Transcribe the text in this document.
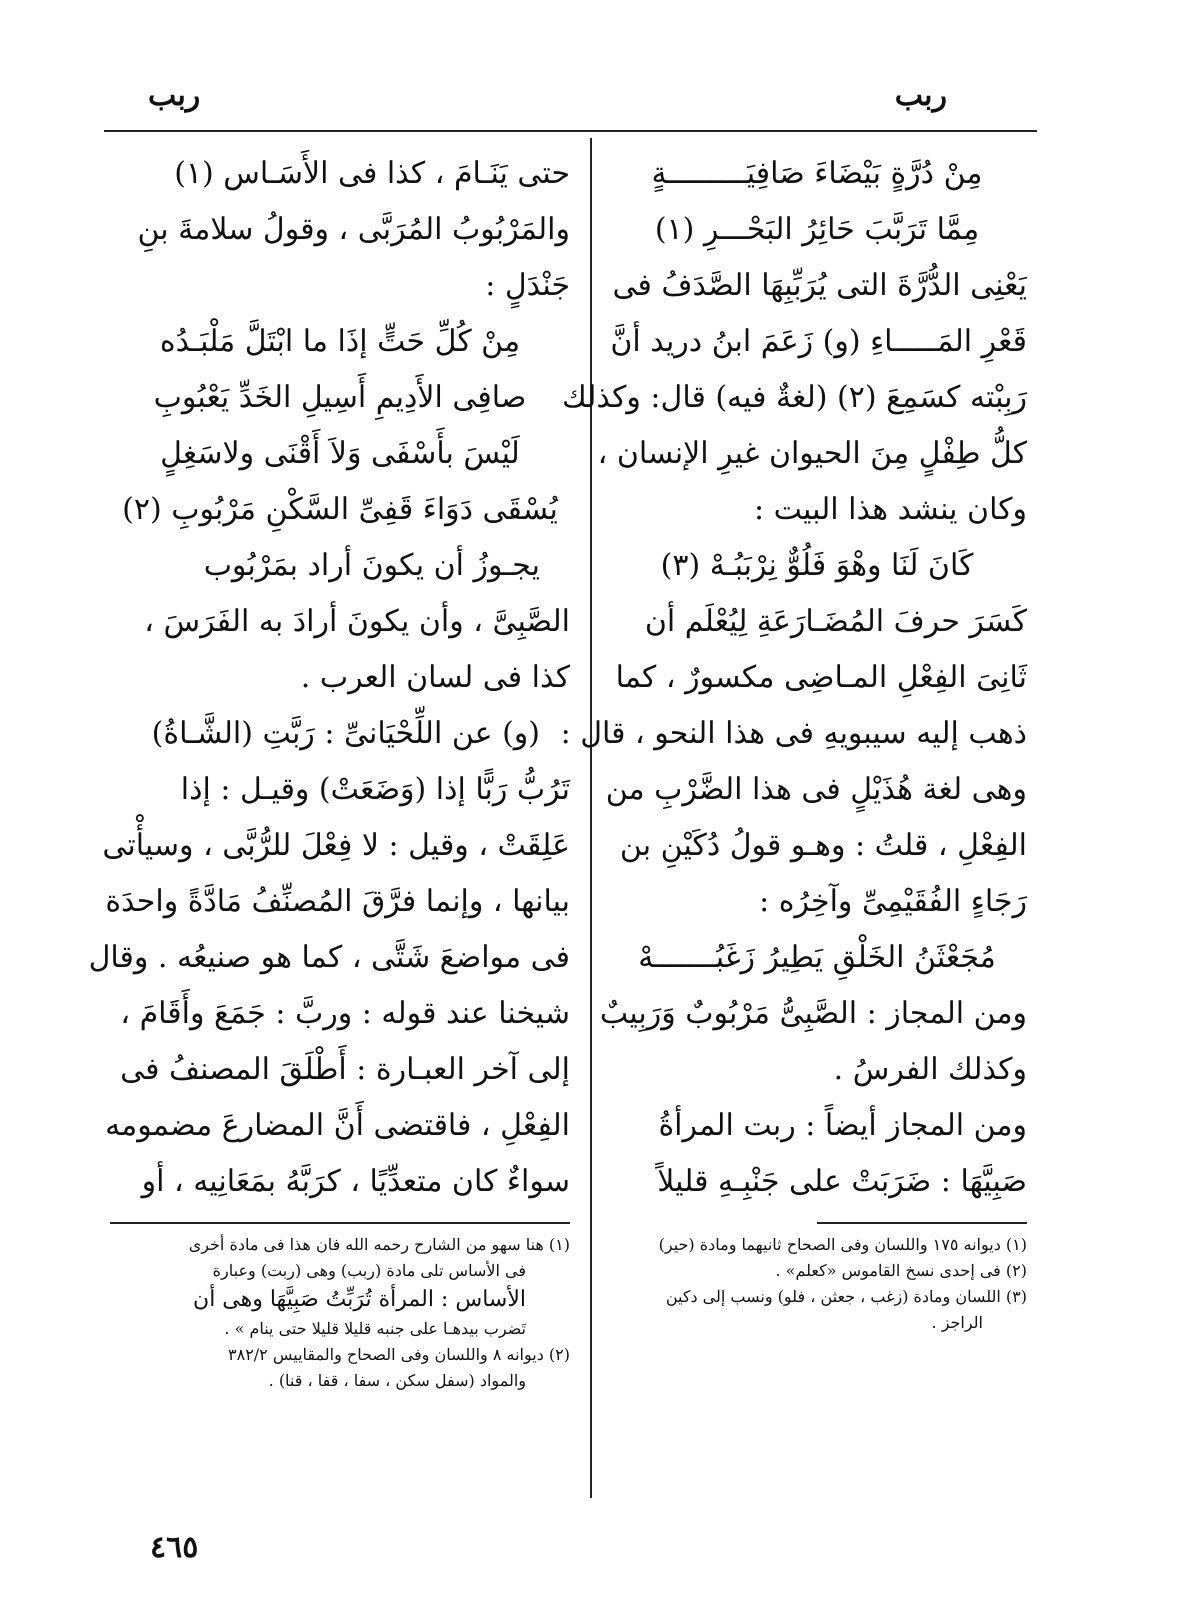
ربب
ربب
مِنْ دُرَّةٍ بَيْضَاءَ صَافِيَـــــــــةٍ
مِمَّا تَرَبَّبَ حَائِرُ البَحْـــرِ (١)
يَعْنِى الدُّرَّةَ التى يُرَبِّبِهَا الصَّدَفُ فى
قَعْرِ المَـــــاءِ (و) زَعَمَ ابنُ دريد أنَّ
رَبِبْته كسَمِعَ (٢) (لغةٌ فيه) قال: وكذلك
كلُّ طِفْلٍ مِنَ الحيوان غيرِ الإنسان ،
وكان ينشد هذا البيت :
كَانَ لَنَا وهْوَ فَلُوٌّ نِرْبَبُـهْ (٣)
كَسَرَ حرفَ المُضَـارَعَةِ لِيُعْلَم أن
ثَانِىَ الفِعْلِ المـاضِى مكسورٌ ، كما
ذهب إليه سيبويهِ فى هذا النحو ، قال :
وهى لغة هُذَيْلٍ فى هذا الضَّرْبِ من
الفِعْلِ ، قلتُ : وهـو قولُ دُكَيْنِ بن
رَجَاءٍ الفُقَيْمِىِّ وآخِرُه :
مُجَعْثَنُ الخَلْقِ يَطِيرُ زَغَبُـــــــهْ
ومن المجاز : الصَّبِىُّ مَرْبُوبٌ وَرَبِيبٌ
وكذلك الفرسُ .
ومن المجاز أيضاً : ربت المرأةُ
صَبِيَّهَا : ضَرَبَتْ على جَنْبِـهِ قليلاً
(١) ديوانه ١٧٥ واللسان وفى الصحاح ثانيهما ومادة (حير)
(٢) فى إحدى نسخ القاموس «كعلم» .
(٣) اللسان ومادة (زغب ، جعثن ، فلو) ونسب إلى دكين
الراجز .
حتى يَنَـامَ ، كذا فى الأَسَـاس (١)
والمَرْبُوبُ المُرَبَّى ، وقولُ سلامةَ بنِ
جَنْدَلٍ :
مِنْ كُلِّ حَتٍّ إذَا ما ابْتَلَّ مَلْبَـدُه
صافِى الأَدِيمِ أَسِيلِ الخَدِّ يَعْبُوبِ
لَيْسَ بأَسْفَى وَلاَ أَقْنَى ولاسَغِلٍ
يُسْقَى دَوَاءَ قَفِىِّ السَّكْنِ مَرْبُوبِ (٢)
يجـوزُ أن يكونَ أراد بمَرْبُوب
الصَّبِىَّ ، وأن يكونَ أرادَ به الفَرَسَ ،
كذا فى لسان العرب .
(و) عن اللِّحْيَانىِّ : رَبَّتِ (الشَّـاةُ)
تَرُبُّ رَبًّا إذا (وَضَعَتْ) وقيـل : إذا
عَلِقَتْ ، وقيل : لا فِعْلَ للرُّبَّى ، وسيأْتى
بيانها ، وإنما فرَّقَ المُصنِّفُ مَادَّةً واحدَة
فى مواضعَ شَتَّى ، كما هو صنيعُه . وقال
شيخنا عند قوله : وربَّ : جَمَعَ وأَقَامَ ،
إلى آخر العبـارة : أَطْلَقَ المصنفُ فى
الفِعْلِ ، فاقتضى أَنَّ المضارعَ مضمومه
سواءٌ كان متعدِّيًا ، كرَبَّهُ بمَعَانِيه ، أو
(١) هنا سهو من الشارح رحمه الله فان هذا فى مادة أخرى
فى الأساس تلى مادة (ربب) وهى (ربت) وعبارة
الأساس : المرأة تُرَبِّتُ صَبِيَّهَا وهى أن
تَضرب بيدهـا على جنبه قليلا قليلا حتى ينام » .
(٢) ديوانه ٨ واللسان وفى الصحاح والمقاييس ٣٨٢/٢
والمواد (سفل سكن ، سفا ، قفا ، قنا) .
٤٦٥
